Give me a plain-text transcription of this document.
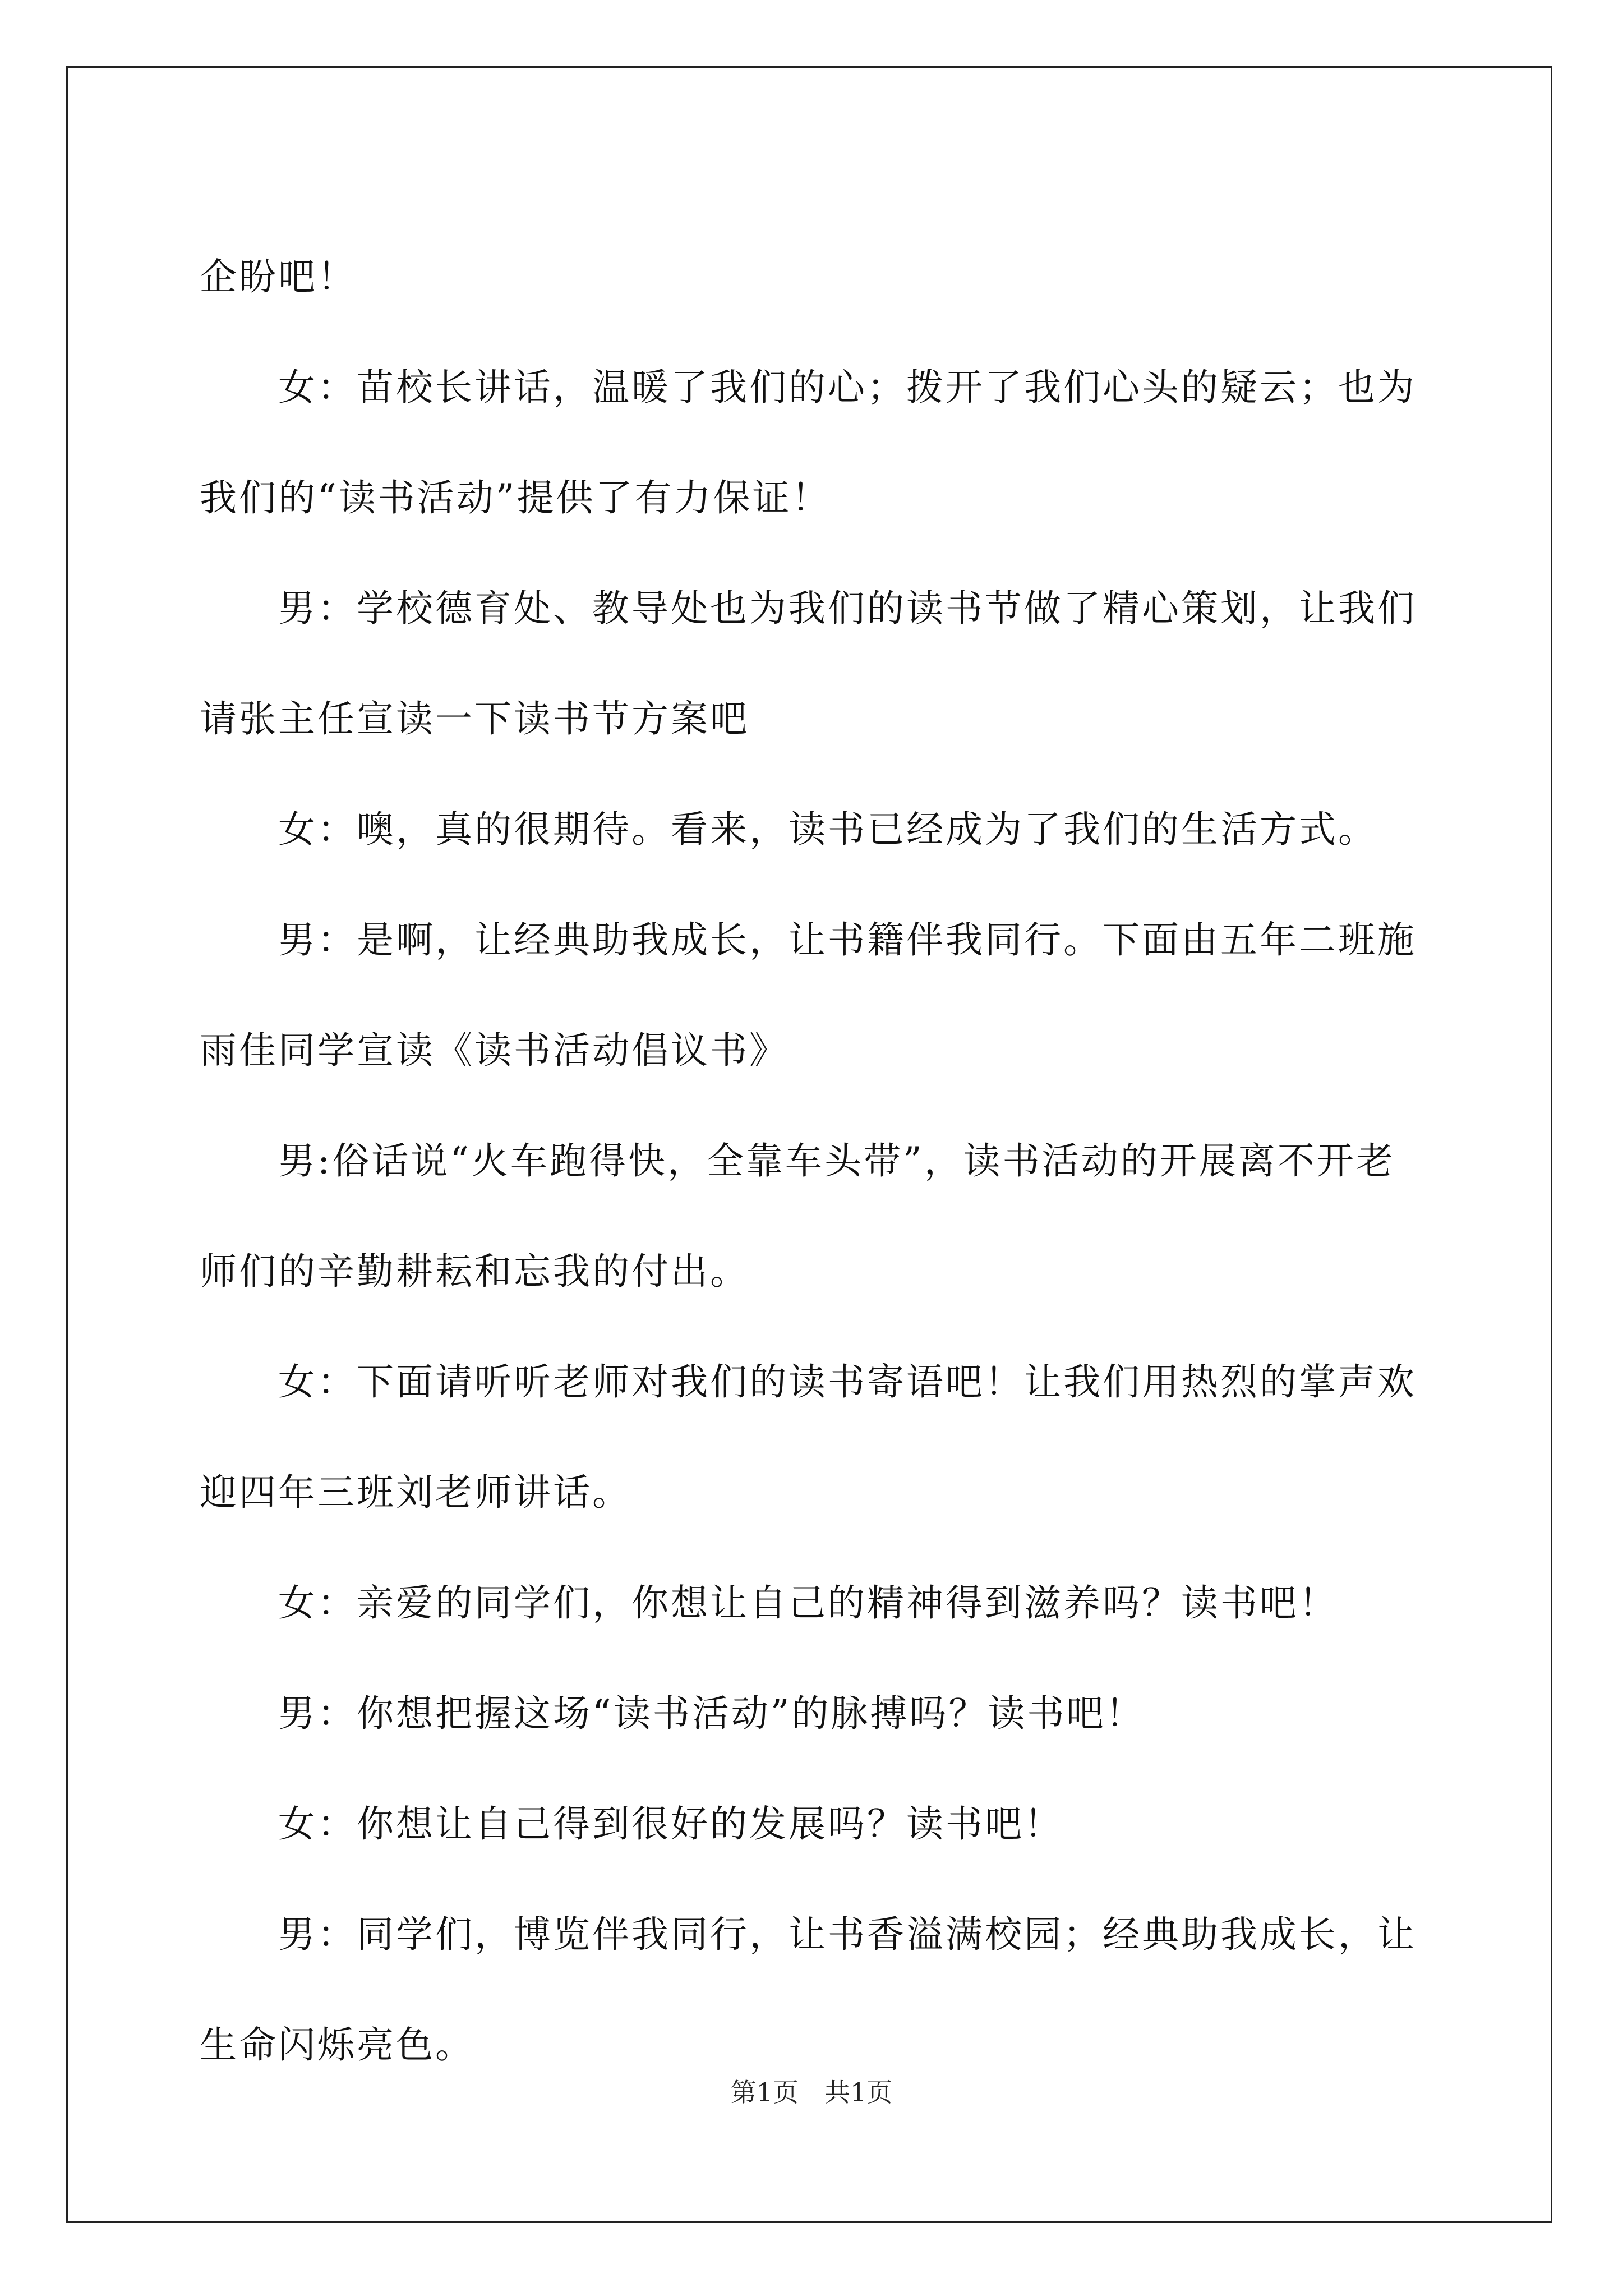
企盼吧！

女：苗校长讲话，温暖了我们的心；拨开了我们心头的疑云；也为我们的“读书活动”提供了有力保证！

男：学校德育处、教导处也为我们的读书节做了精心策划，让我们请张主任宣读一下读书节方案吧

女：噢，真的很期待。看来，读书已经成为了我们的生活方式。

男：是啊，让经典助我成长，让书籍伴我同行。下面由五年二班施雨佳同学宣读《读书活动倡议书》

男:俗话说“火车跑得快，全靠车头带”，读书活动的开展离不开老师们的辛勤耕耘和忘我的付出。

女：下面请听听老师对我们的读书寄语吧！让我们用热烈的掌声欢迎四年三班刘老师讲话。

女：亲爱的同学们，你想让自己的精神得到滋养吗？读书吧！

男：你想把握这场“读书活动”的脉搏吗？读书吧！

女：你想让自己得到很好的发展吗？读书吧！

男：同学们，博览伴我同行，让书香溢满校园；经典助我成长，让生命闪烁亮色。

第1页　共1页
